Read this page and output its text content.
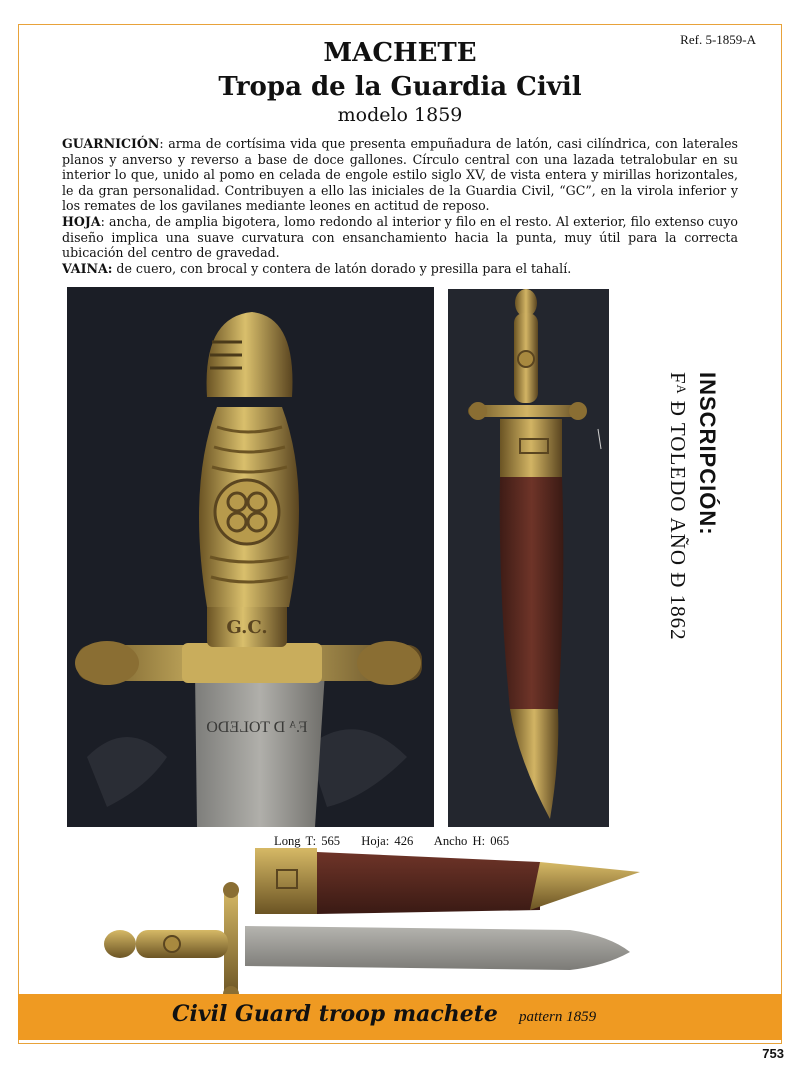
Ref. 5-1859-A
MACHETE
Tropa de la Guardia Civil
modelo 1859

GUARNICIÓN: arma de cortísima vida que presenta empuñadura de latón, casi cilíndrica, con laterales planos y anverso y reverso a base de doce gallones. Círculo central con una lazada tetralobular en su interior lo que, unido al pomo en celada de engole estilo siglo XV, de vista entera y mirillas horizontales, le da gran personalidad. Contribuyen a ello las iniciales de la Guardia Civil, “GC”, en la virola inferior y los remates de los gavilanes mediante leones en actitud de reposo.

HOJA: ancha, de amplia bigotera, lomo redondo al interior y filo en el resto. Al exterior, filo extenso cuyo diseño implica una suave curvatura con ensanchamiento hacia la punta, muy útil para la correcta ubicación del centro de gravedad.

VAINA: de cuero, con brocal y contera de latón dorado y presilla para el tahalí.

F.ᴬ D TOLEDO
G.C.
INSCRIPCIÓN:
Fᴬ Ð TOLEDO AÑO Ð 1862
Long T: 565 Hoja: 426 Ancho H: 065
Civil Guard troop machete pattern 1859
753
